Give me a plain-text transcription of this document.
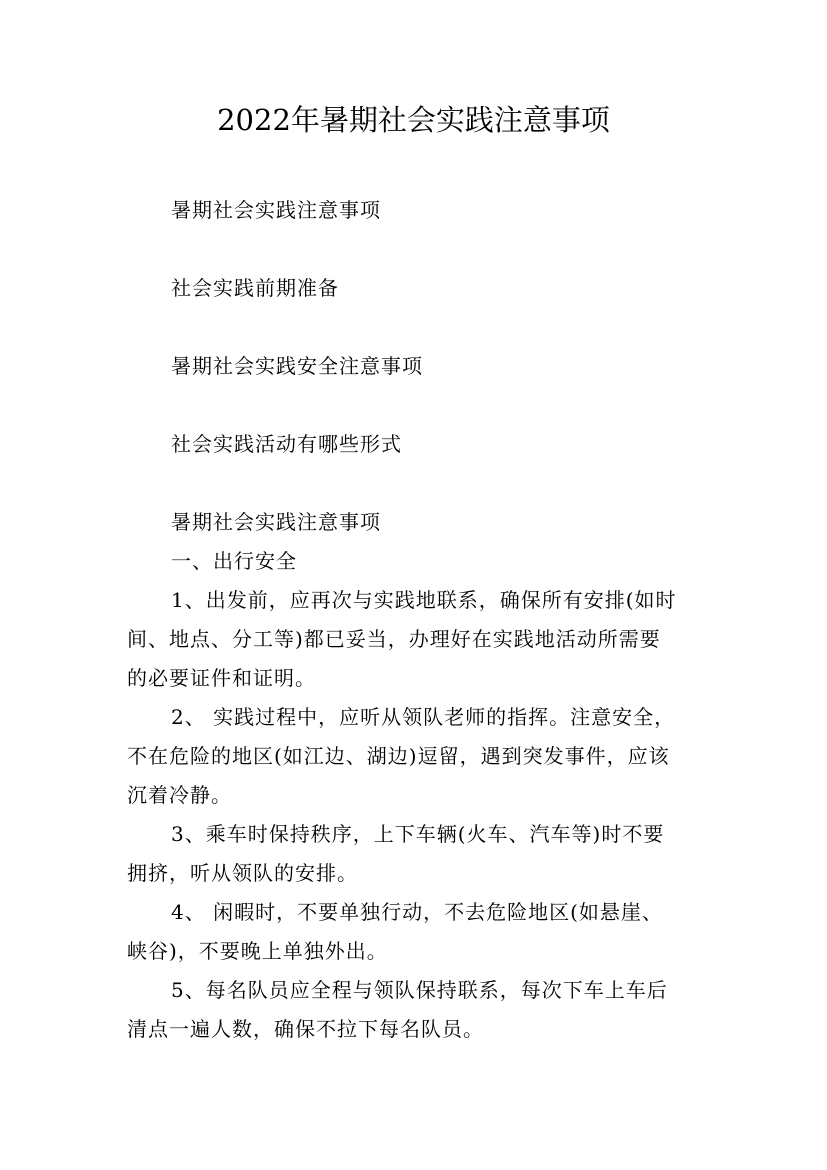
2022年暑期社会实践注意事项
暑期社会实践注意事项
社会实践前期准备
暑期社会实践安全注意事项
社会实践活动有哪些形式
暑期社会实践注意事项
一、出行安全
1、出发前，应再次与实践地联系，确保所有安排(如时
间、地点、分工等)都已妥当，办理好在实践地活动所需要
的必要证件和证明。
2、 实践过程中，应听从领队老师的指挥。注意安全，
不在危险的地区(如江边、湖边)逗留，遇到突发事件，应该
沉着冷静。
3、乘车时保持秩序，上下车辆(火车、汽车等)时不要
拥挤，听从领队的安排。
4、 闲暇时，不要单独行动，不去危险地区(如悬崖、
峡谷)，不要晚上单独外出。
5、每名队员应全程与领队保持联系，每次下车上车后
清点一遍人数，确保不拉下每名队员。
